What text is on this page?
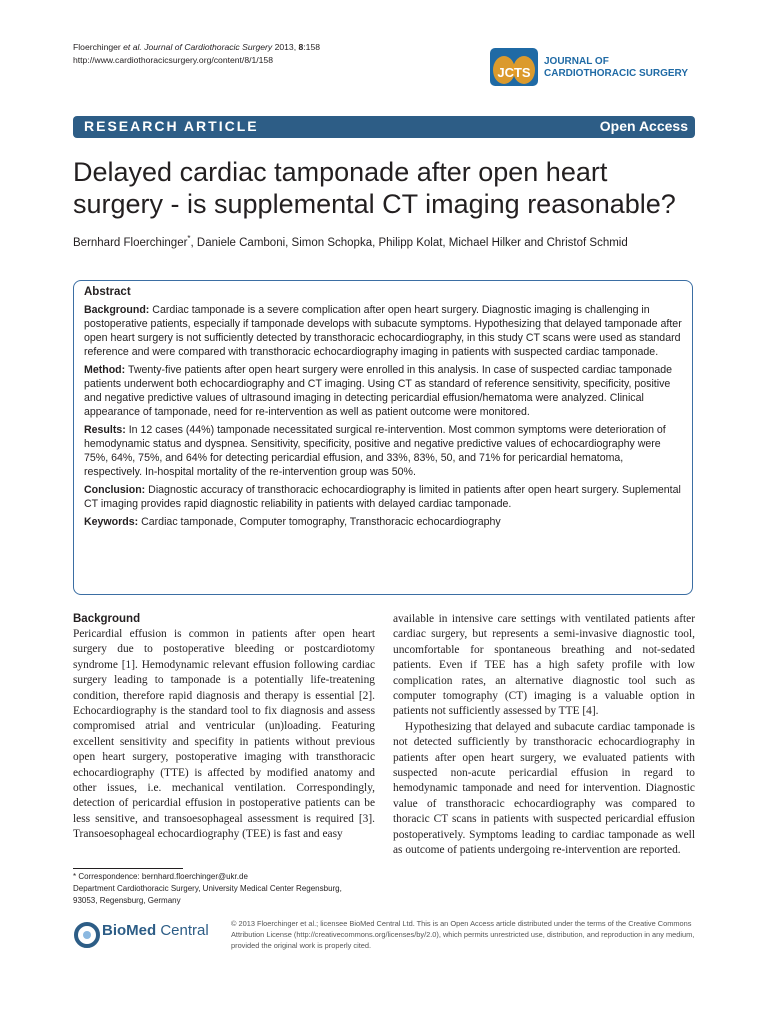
Floerchinger et al. Journal of Cardiothoracic Surgery 2013, 8:158
http://www.cardiothoracicsurgery.org/content/8/1/158
JCTS
JOURNAL OF
CARDIOTHORACIC SURGERY
RESEARCH ARTICLE	Open Access
Delayed cardiac tamponade after open heart surgery - is supplemental CT imaging reasonable?
Bernhard Floerchinger*, Daniele Camboni, Simon Schopka, Philipp Kolat, Michael Hilker and Christof Schmid

Abstract

Background: Cardiac tamponade is a severe complication after open heart surgery. Diagnostic imaging is challenging in postoperative patients, especially if tamponade develops with subacute symptoms. Hypothesizing that delayed tamponade after open heart surgery is not sufficiently detected by transthoracic echocardiography, in this study CT scans were used as standard reference and were compared with transthoracic echocardiography imaging in patients with suspected cardiac tamponade.

Method: Twenty-five patients after open heart surgery were enrolled in this analysis. In case of suspected cardiac tamponade patients underwent both echocardiography and CT imaging. Using CT as standard of reference sensitivity, specificity, positive and negative predictive values of ultrasound imaging in detecting pericardial effusion/hematoma were analyzed. Clinical appearance of tamponade, need for re-intervention as well as patient outcome were monitored.

Results: In 12 cases (44%) tamponade necessitated surgical re-intervention. Most common symptoms were deterioration of hemodynamic status and dyspnea. Sensitivity, specificity, positive and negative predictive values of echocardiography were 75%, 64%, 75%, and 64% for detecting pericardial effusion, and 33%, 83%, 50, and 71% for pericardial hematoma, respectively. In-hospital mortality of the re-intervention group was 50%.

Conclusion: Diagnostic accuracy of transthoracic echocardiography is limited in patients after open heart surgery. Suplemental CT imaging provides rapid diagnostic reliability in patients with delayed cardiac tamponade.

Keywords: Cardiac tamponade, Computer tomography, Transthoracic echocardiography

Background

Pericardial effusion is common in patients after open heart surgery due to postoperative bleeding or postcardiotomy syndrome [1]. Hemodynamic relevant effusion following cardiac surgery leading to tamponade is a potentially life-treatening condition, therefore rapid diagnosis and therapy is essential [2]. Echocardiography is the standard tool to fix diagnosis and assess compromised atrial and ventricular (un)loading. Featuring excellent sensitivity and specifity in patients without previous open heart surgery, postoperative imaging with transthoracic echocardiography (TTE) is affected by modified anatomy and other issues, i.e. mechanical ventilation. Correspondingly, detection of pericardial effusion in postoperative patients can be less sensitive, and transoesophageal assessment is required [3]. Transoesophageal echocardiography (TEE) is fast and easy

available in intensive care settings with ventilated patients after cardiac surgery, but represents a semi-invasive diagnostic tool, uncomfortable for spontaneous breathing and not-sedated patients. Even if TEE has a high safety profile with low complication rates, an alternative diagnostic tool such as computer tomography (CT) imaging is a valuable option in patients not sufficiently assessed by TTE [4].

Hypothesizing that delayed and subacute cardiac tamponade is not detected sufficiently by transthoracic echocardiography in patients after open heart surgery, we evaluated patients with suspected non-acute pericardial effusion in regard to hemodynamic tamponade and need for intervention. Diagnostic value of transthoracic echocardiography was compared to thoracic CT scans in patients with suspected pericardial effusion postoperatively. Symptoms leading to cardiac tamponade as well as outcome of patients undergoing re-intervention are reported.

* Correspondence: bernhard.floerchinger@ukr.de
Department Cardiothoracic Surgery, University Medical Center Regensburg,
93053, Regensburg, Germany
BioMed Central	© 2013 Floerchinger et al.; licensee BioMed Central Ltd. This is an Open Access article distributed under the terms of the Creative Commons Attribution License (http://creativecommons.org/licenses/by/2.0), which permits unrestricted use, distribution, and reproduction in any medium, provided the original work is properly cited.
